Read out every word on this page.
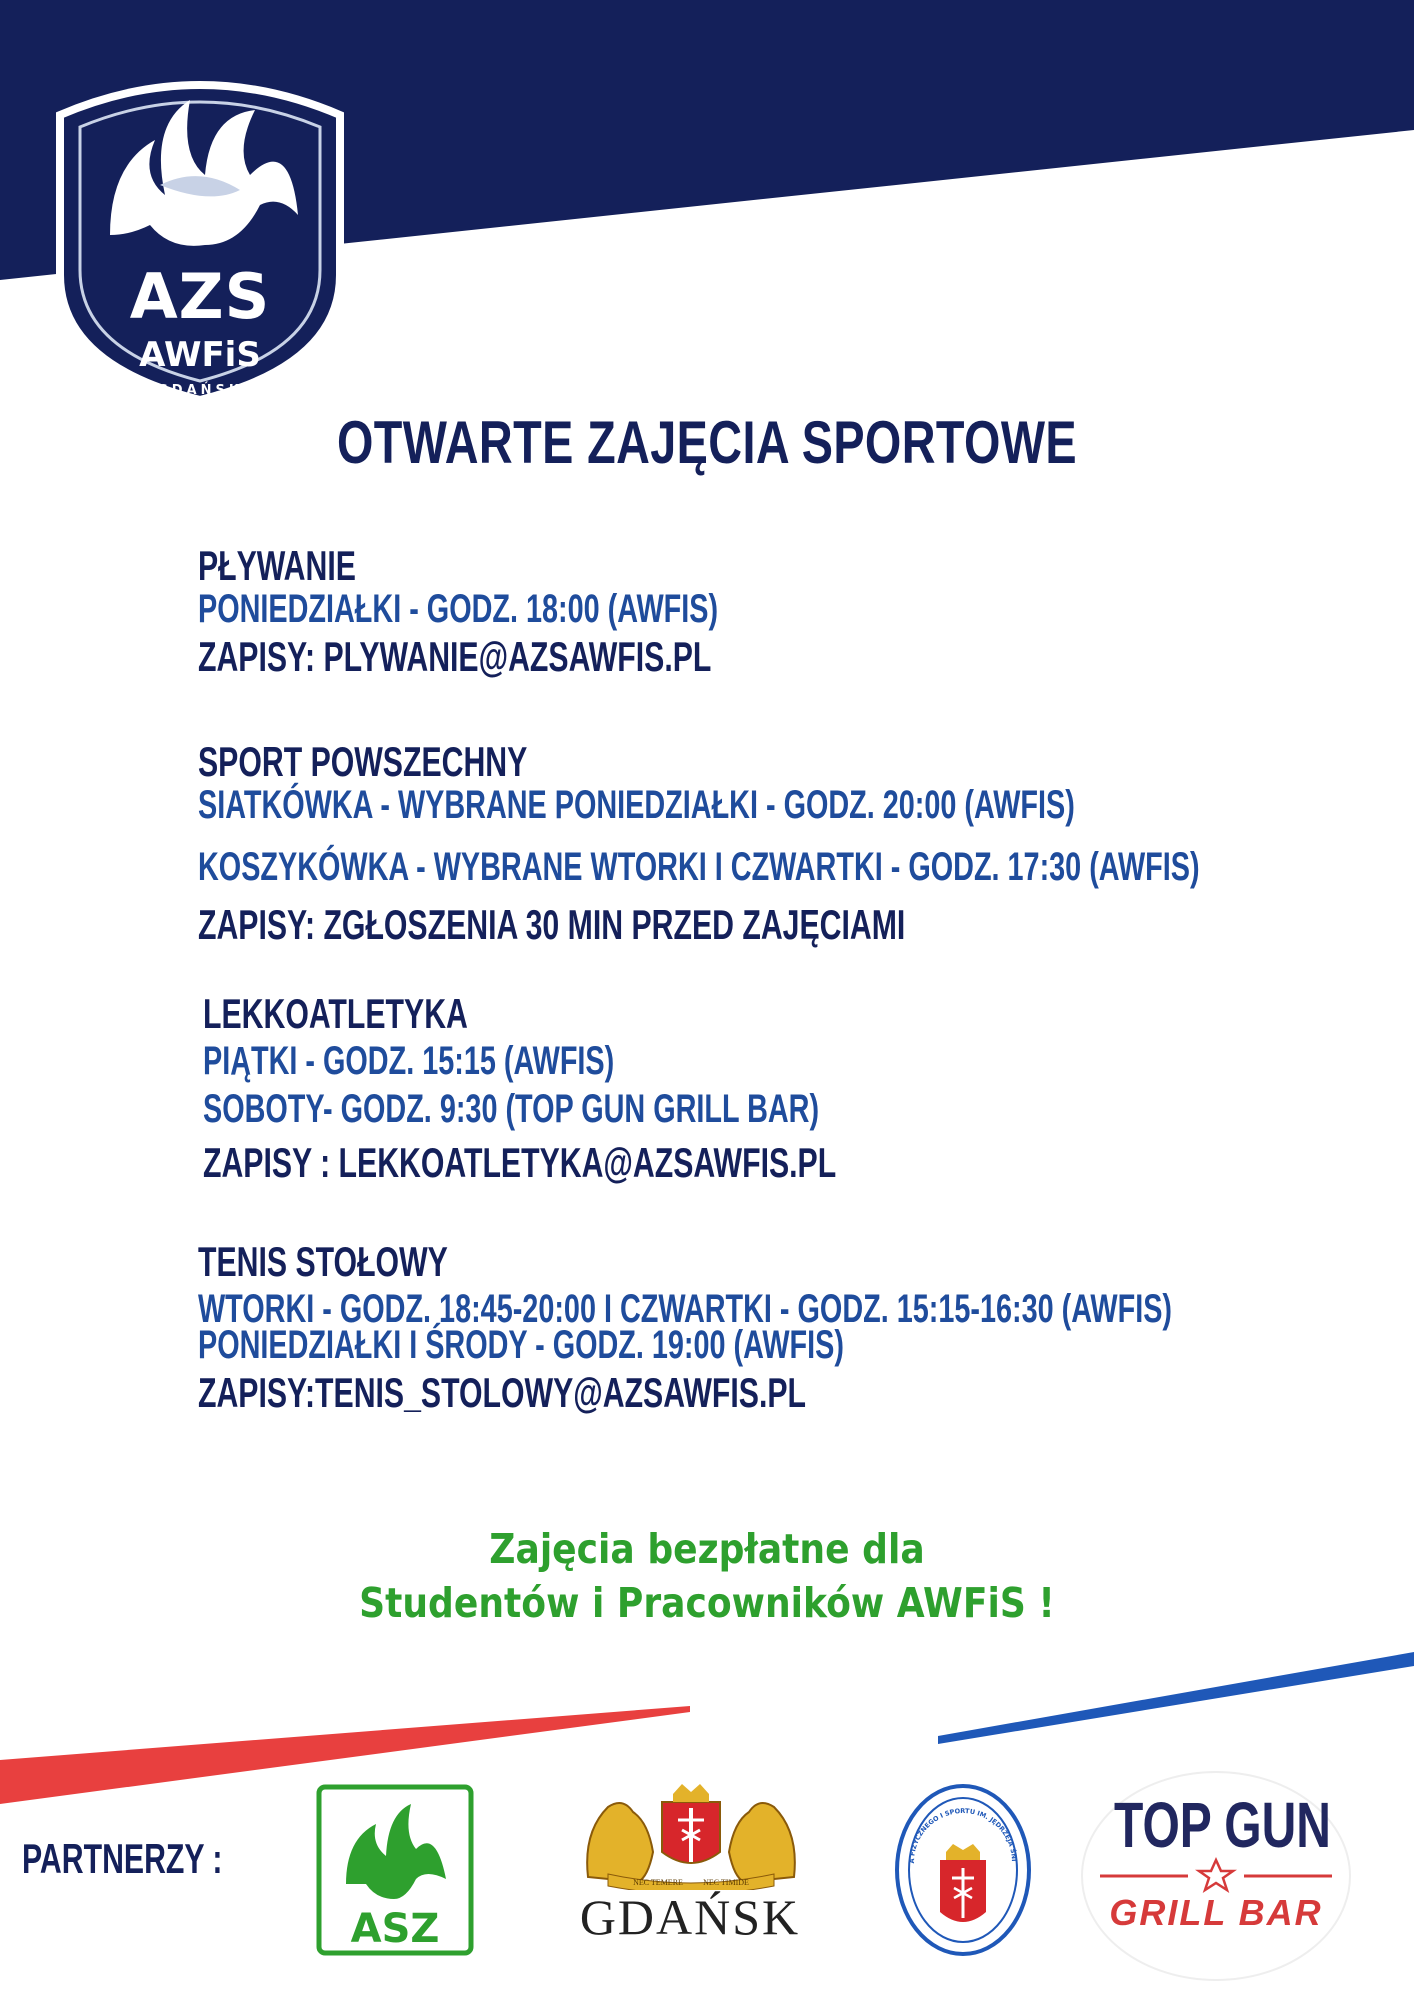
AZS
AWFiS
GDAŃSK
OTWARTE ZAJĘCIA SPORTOWE
PŁYWANIE
PONIEDZIAŁKI - GODZ. 18:00 (AWFIS)
ZAPISY: PLYWANIE@AZSAWFIS.PL
SPORT POWSZECHNY
SIATKÓWKA - WYBRANE PONIEDZIAŁKI - GODZ. 20:00 (AWFIS)
KOSZYKÓWKA - WYBRANE WTORKI I CZWARTKI - GODZ. 17:30 (AWFIS)
ZAPISY: ZGŁOSZENIA 30 MIN PRZED ZAJĘCIAMI
LEKKOATLETYKA
PIĄTKI - GODZ. 15:15 (AWFIS)
SOBOTY- GODZ. 9:30 (TOP GUN GRILL BAR)
ZAPISY : LEKKOATLETYKA@AZSAWFIS.PL
TENIS STOŁOWY
WTORKI - GODZ. 18:45-20:00 I CZWARTKI - GODZ. 15:15-16:30 (AWFIS)
PONIEDZIAŁKI I ŚRODY - GODZ. 19:00 (AWFIS)
ZAPISY:TENIS_STOLOWY@AZSAWFIS.PL
Zajęcia bezpłatne dla
Studentów i Pracowników AWFiS !
PARTNERZY :
ASZ
NEC TEMERE	NEC TIMIDE
GDAŃSK
A FIZYCZNEGO I SPORTU IM. JĘDRZEJA ŚNI TOP GUN
GRILL BAR
